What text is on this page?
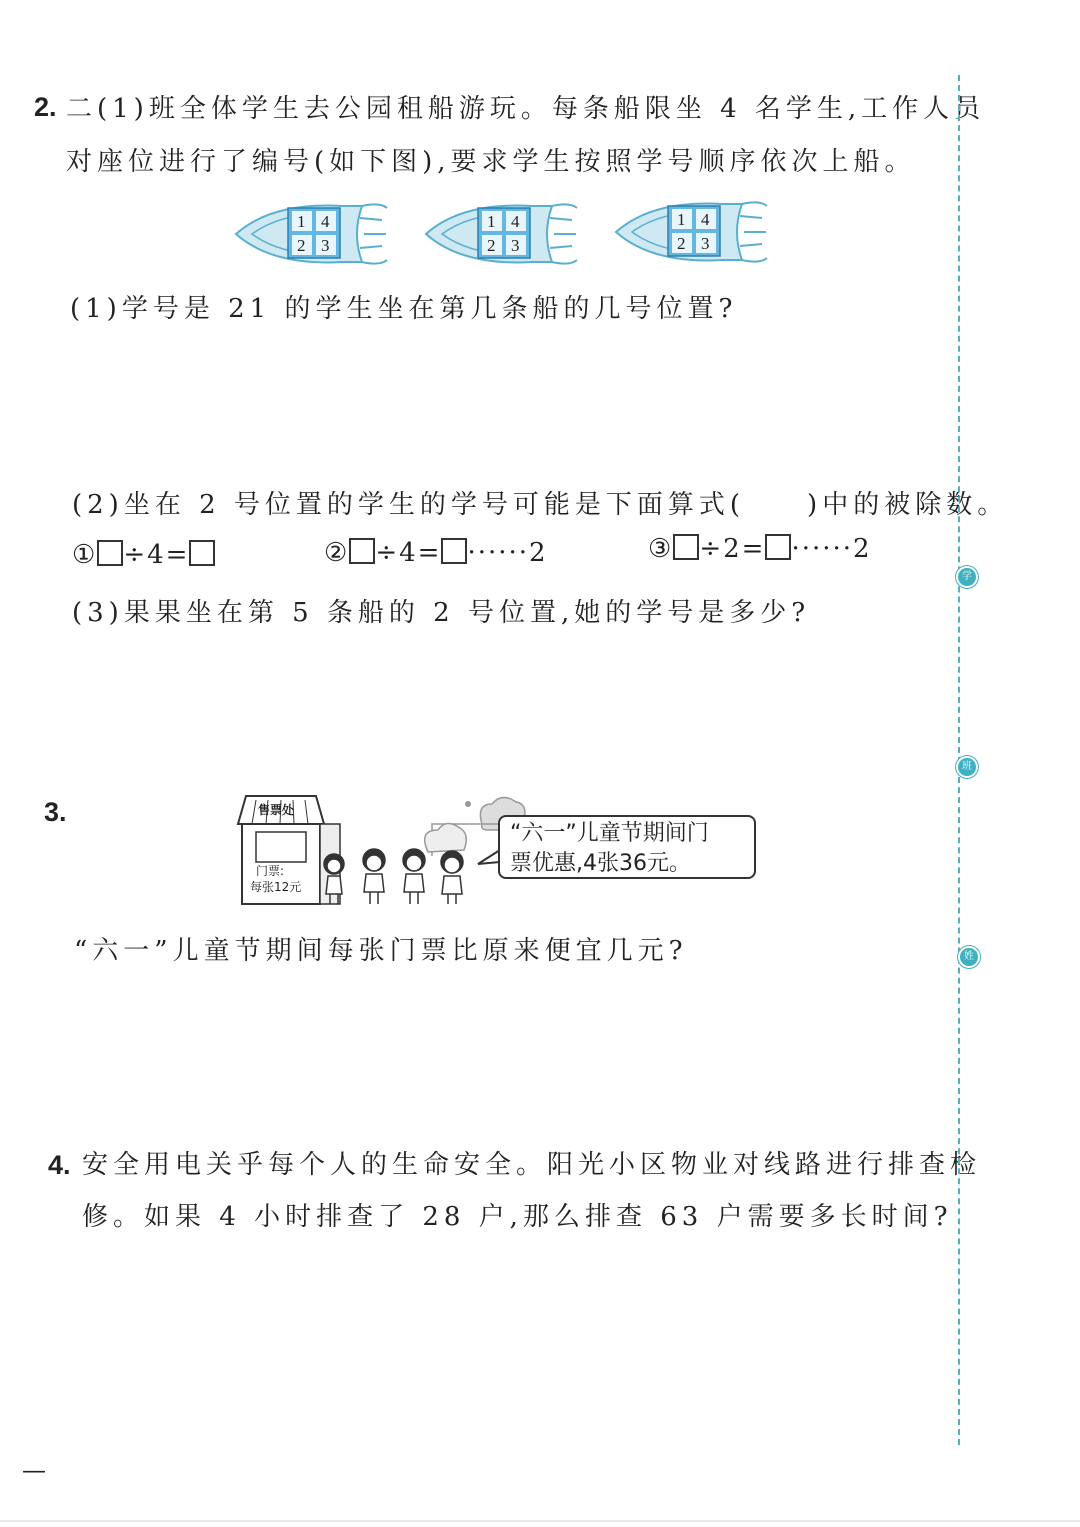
2. 二(1)班全体学生去公园租船游玩。每条船限坐 4 名学生,工作人员
对座位进行了编号(如下图),要求学生按照学号顺序依次上船。
1 4
2 3
1 4
2 3
1 4
2 3
(1)学号是 21 的学生坐在第几条船的几号位置?
(2)坐在 2 号位置的学生的学号可能是下面算式(　　)中的被除数。
① ÷4=	② ÷4= ······2	③ ÷2= ······2
(3)果果坐在第 5 条船的 2 号位置,她的学号是多少?
3.	售票处
门票:
每张12元
“六一”儿童节期间门
票优惠,4张36元。
“六一”儿童节期间每张门票比原来便宜几元?
4. 安全用电关乎每个人的生命安全。阳光小区物业对线路进行排查检
修。如果 4 小时排查了 28 户,那么排查 63 户需要多长时间?
学
班
姓
—
